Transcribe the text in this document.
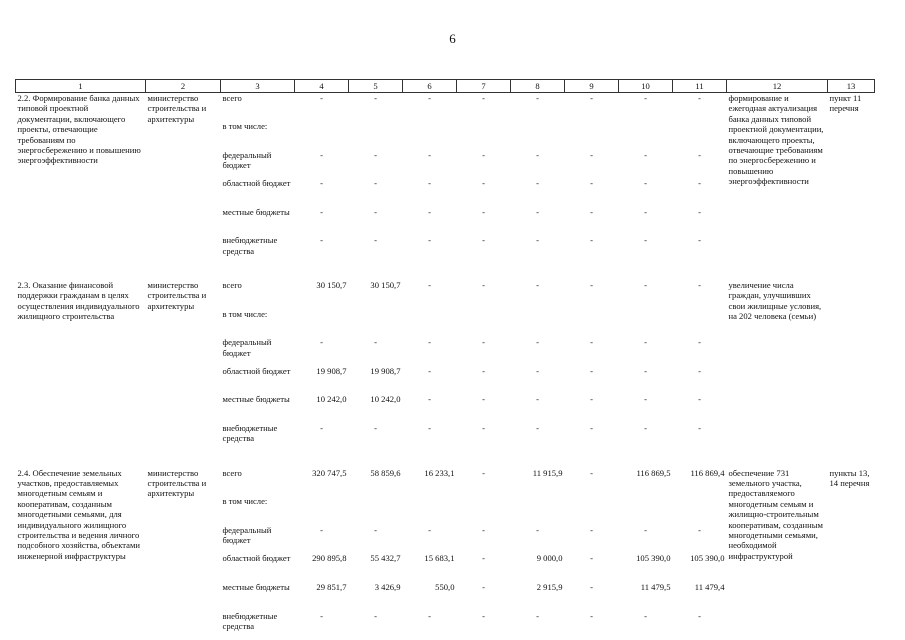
6
1	2	3	4	5	6	7	8	9	10	11	12	13
2.2. Формирование банка данных типовой проектной документации, включающего проекты, отвечающие требованиям по энергосбережению и повышению энергоэффективности	министерство строительства и архитектуры	всего	-	-	-	-	-	-	-	-	формирование и ежегодная актуализация банка данных типовой проектной документации, включающего проекты, отвечающие требованиям по энергосбережению и повышению энергоэффективности	пункт 11 перечня
		в том числе:										
		федеральный бюджет	-	-	-	-	-	-	-	-		
		областной бюджет	-	-	-	-	-	-	-	-		
		местные бюджеты	-	-	-	-	-	-	-	-		
		внебюджетные средства	-	-	-	-	-	-	-	-		

2.3. Оказание финансовой поддержки гражданам в целях осуществления индивидуального жилищного строительства	министерство строительства и архитектуры	всего	30 150,7	30 150,7	-	-	-	-	-	-	увеличение числа граждан, улучшивших свои жилищные условия, на 202 человека (семьи)	
		в том числе:										
		федеральный бюджет	-	-	-	-	-	-	-	-		
		областной бюджет	19 908,7	19 908,7	-	-	-	-	-	-		
		местные бюджеты	10 242,0	10 242,0	-	-	-	-	-	-		
		внебюджетные средства	-	-	-	-	-	-	-	-		

2.4. Обеспечение земельных участков, предоставляемых многодетным семьям и кооперативам, созданным многодетными семьями, для индивидуального жилищного строительства и ведения личного подсобного хозяйства, объектами инженерной инфраструктуры	министерство строительства и архитектуры	всего	320 747,5	58 859,6	16 233,1	-	11 915,9	-	116 869,5	116 869,4	обеспечение 731 земельного участка, предоставляемого многодетным семьям и жилищно-строительным кооперативам, созданным многодетными семьями, необходимой инфраструктурой	пункты 13, 14 перечня
		в том числе:										
		федеральный бюджет	-	-	-	-	-	-	-	-		
		областной бюджет	290 895,8	55 432,7	15 683,1	-	9 000,0	-	105 390,0	105 390,0		
		местные бюджеты	29 851,7	3 426,9	550,0	-	2 915,9	-	11 479,5	11 479,4		
		внебюджетные средства	-	-	-	-	-	-	-	-		
